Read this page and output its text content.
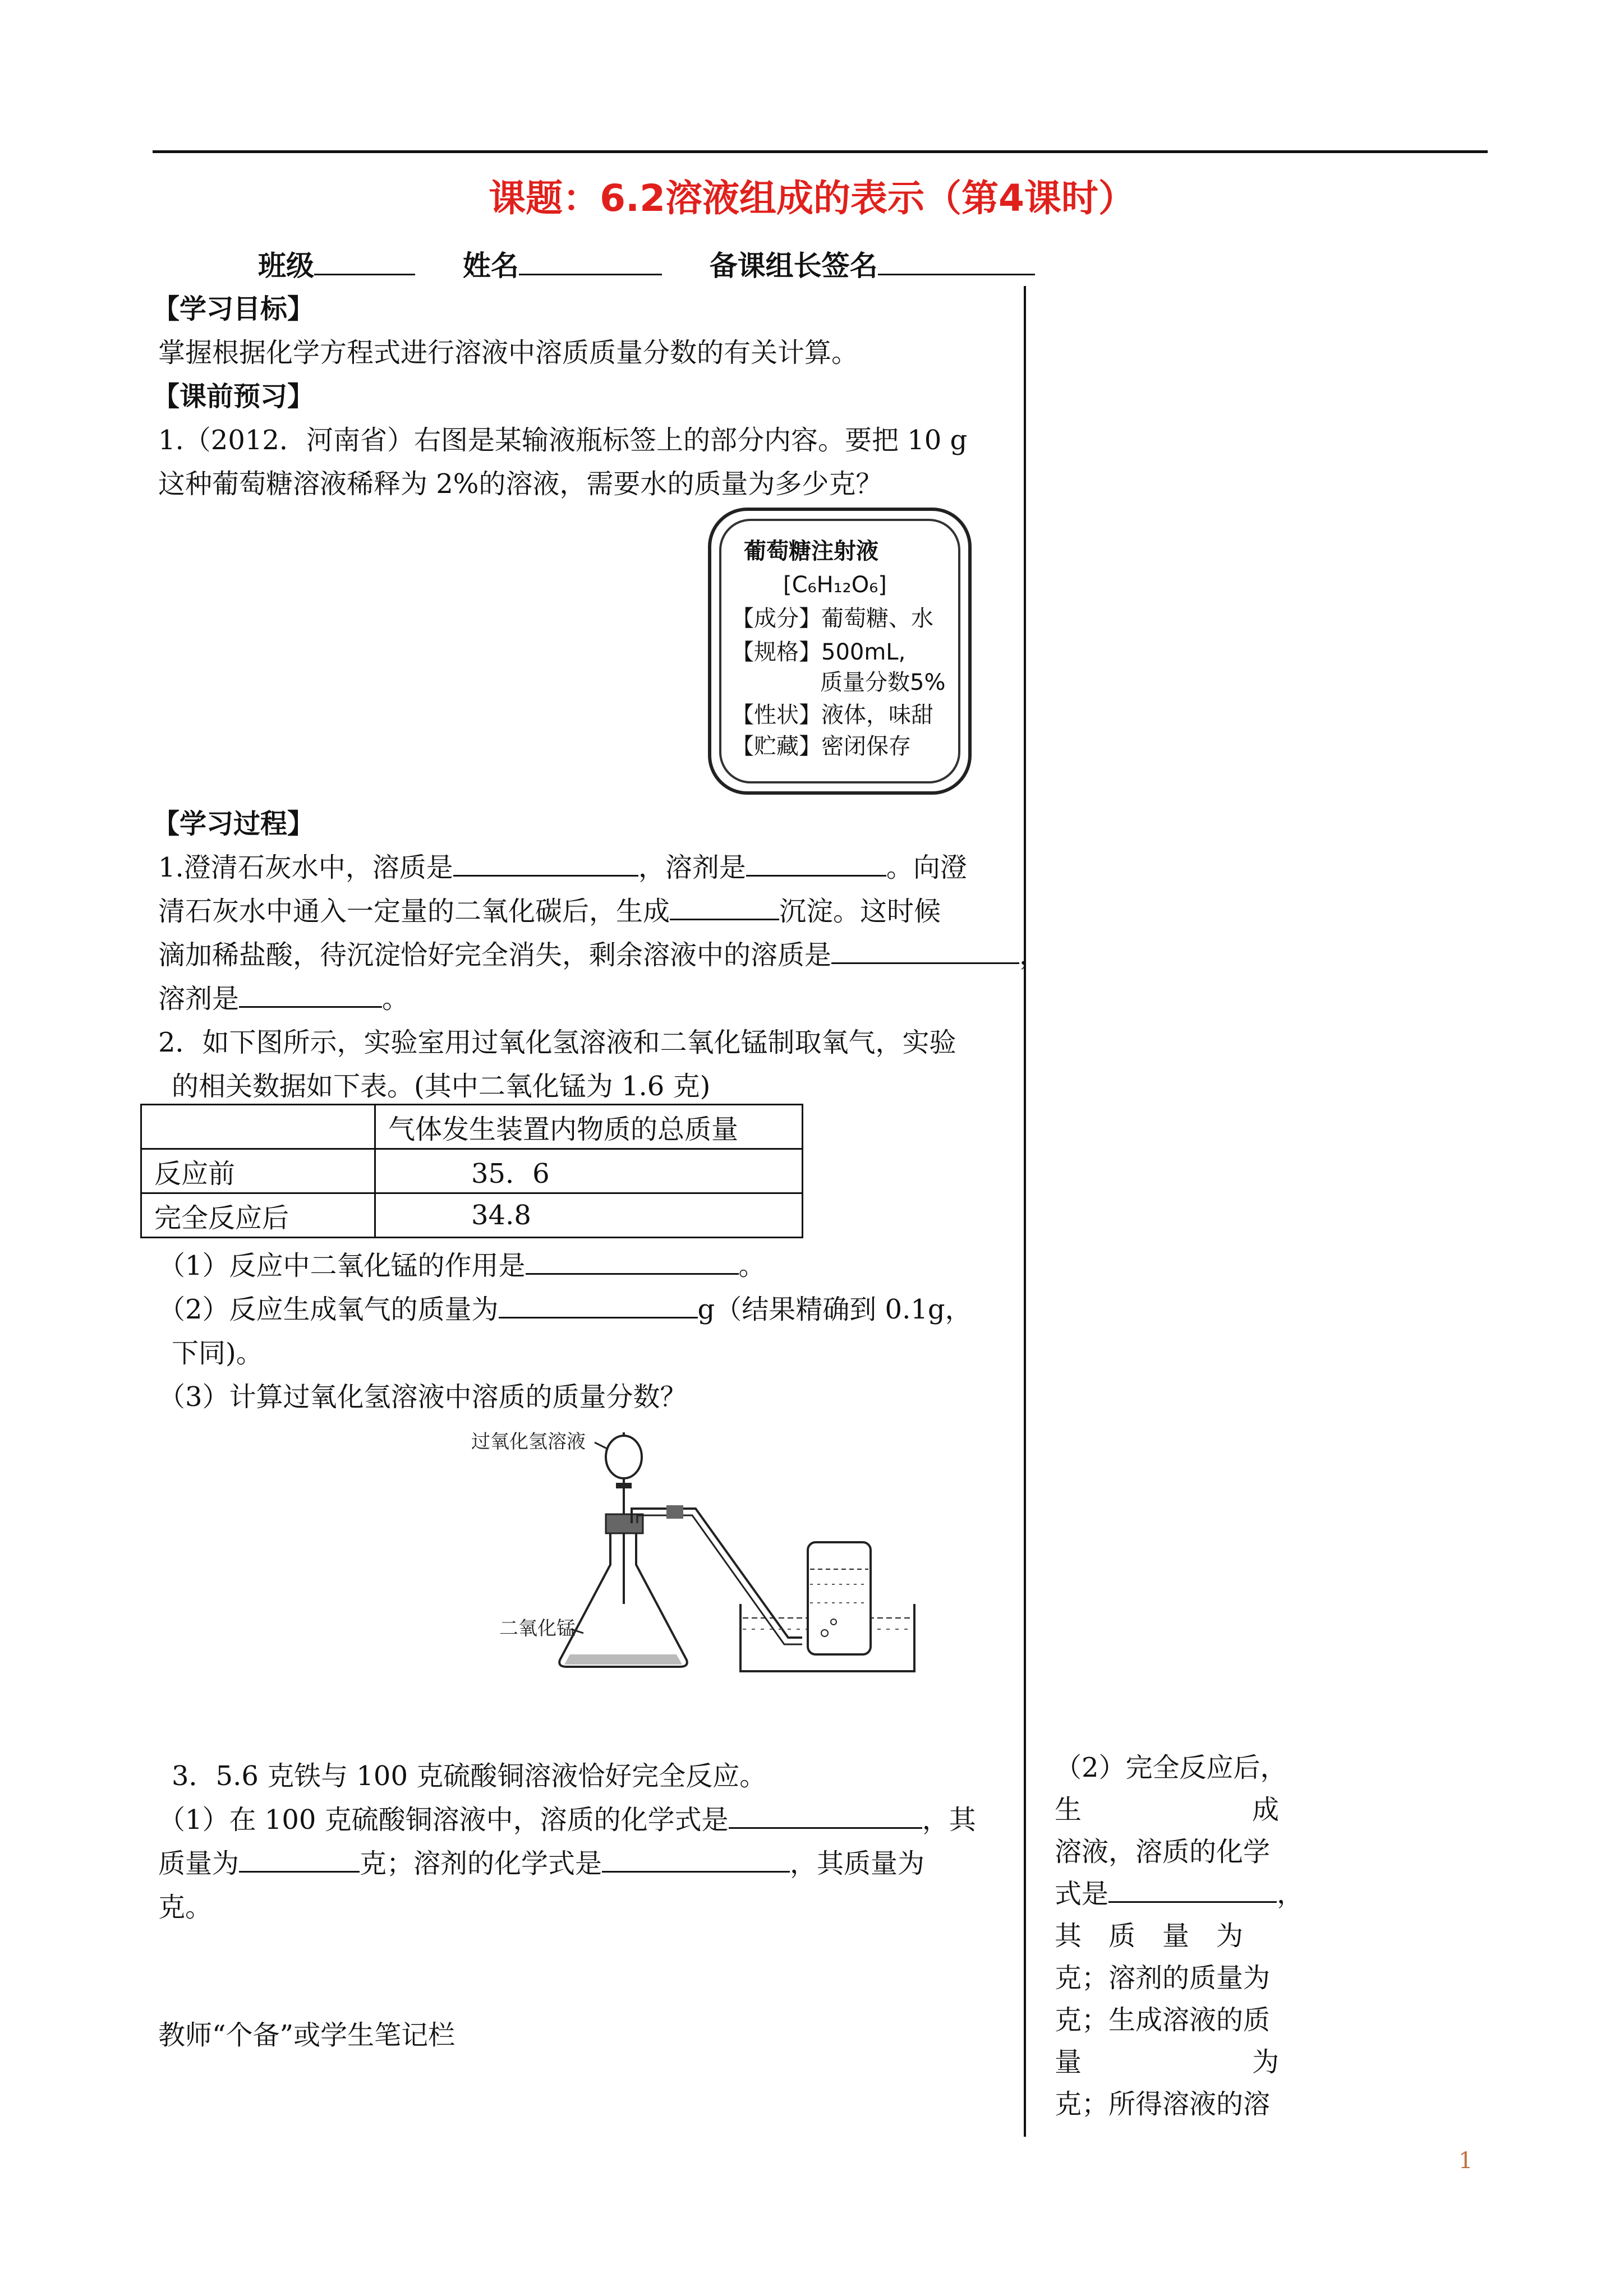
课题：6.2溶液组成的表示（第4课时）
班级	姓名	备课组长签名
【学习目标】
掌握根据化学方程式进行溶液中溶质质量分数的有关计算。
【课前预习】
1.（2012．河南省）右图是某输液瓶标签上的部分内容。要把 10 g
这种葡萄糖溶液稀释为 2%的溶液，需要水的质量为多少克？
葡萄糖注射液
[C₆H₁₂O₆]
【成分】葡萄糖、水
【规格】500mL,
质量分数5%
【性状】液体，味甜
【贮藏】密闭保存
【学习过程】
1.澄清石灰水中，溶质是	，溶剂是	。向澄
清石灰水中通入一定量的二氧化碳后，生成	沉淀。这时候
滴加稀盐酸，待沉淀恰好完全消失，剩余溶液中的溶质是	，
溶剂是	。
2．如下图所示，实验室用过氧化氢溶液和二氧化锰制取氧气，实验
的相关数据如下表。(其中二氧化锰为 1.6 克)
	气体发生装置内物质的总质量
反应前	35．6
完全反应后	34.8
（1）反应中二氧化锰的作用是	。
（2）反应生成氧气的质量为	g（结果精确到 0.1g，
下同)。
（3）计算过氧化氢溶液中溶质的质量分数？
过氧化氢溶液
二氧化锰
3．5.6 克铁与 100 克硫酸铜溶液恰好完全反应。
（1）在 100 克硫酸铜溶液中，溶质的化学式是	，其
质量为	克；溶剂的化学式是	，其质量为
克。
教师“个备”或学生笔记栏
（2）完全反应后，
生	成
溶液，溶质的化学
式是	，
其　质　量　为
克；溶剂的质量为
克；生成溶液的质
量	为
克；所得溶液的溶
1
